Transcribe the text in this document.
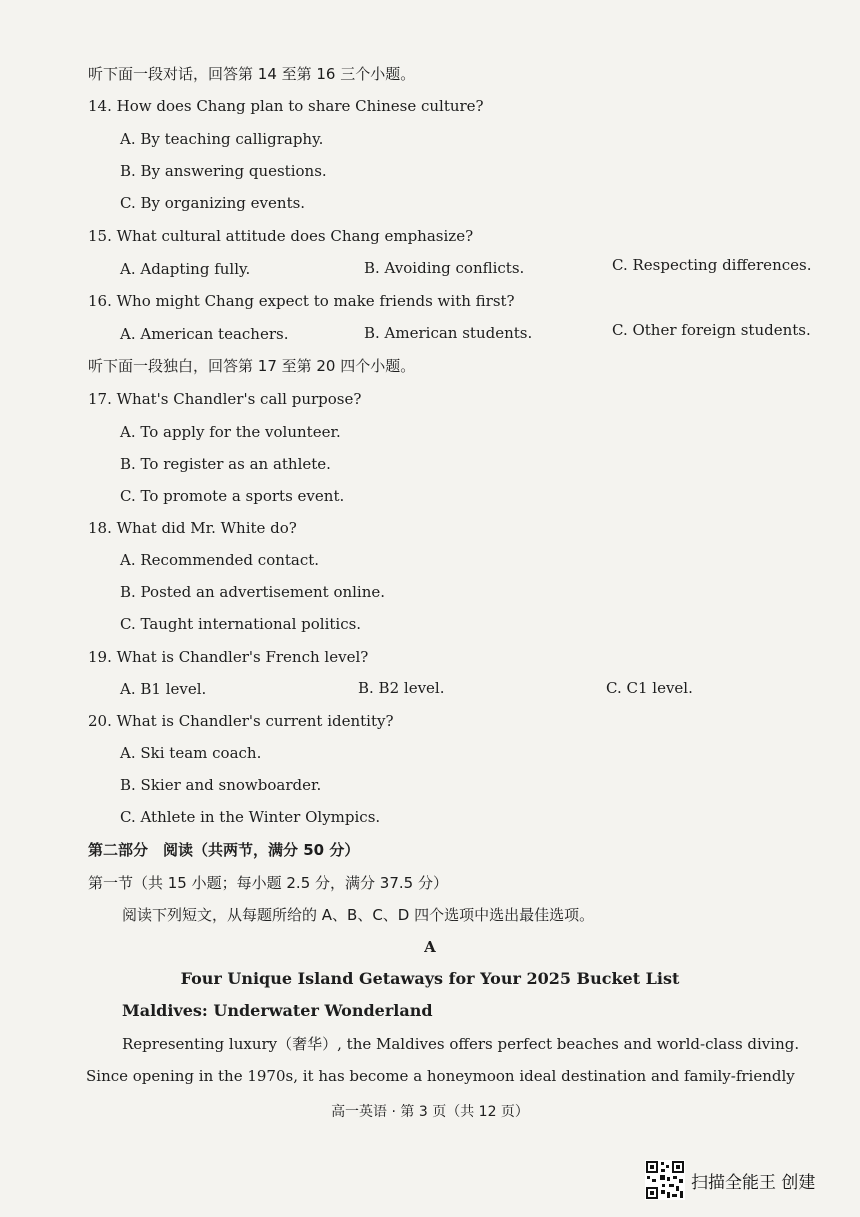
听下面一段对话，回答第 14 至第 16 三个小题。
14. How does Chang plan to share Chinese culture?
A. By teaching calligraphy.
B. By answering questions.
C. By organizing events.
15. What cultural attitude does Chang emphasize?
A. Adapting fully.	B. Avoiding conflicts.	C. Respecting differences.
16. Who might Chang expect to make friends with first?
A. American teachers.	B. American students.	C. Other foreign students.
听下面一段独白，回答第 17 至第 20 四个小题。
17. What's Chandler's call purpose?
A. To apply for the volunteer.
B. To register as an athlete.
C. To promote a sports event.
18. What did Mr. White do?
A. Recommended contact.
B. Posted an advertisement online.
C. Taught international politics.
19. What is Chandler's French level?
A. B1 level.	B. B2 level.	C. C1 level.
20. What is Chandler's current identity?
A. Ski team coach.
B. Skier and snowboarder.
C. Athlete in the Winter Olympics.
第二部分　阅读（共两节，满分 50 分）
第一节（共 15 小题；每小题 2.5 分，满分 37.5 分）
阅读下列短文，从每题所给的 A、B、C、D 四个选项中选出最佳选项。
A
Four Unique Island Getaways for Your 2025 Bucket List
Maldives: Underwater Wonderland
Representing luxury（奢华）, the Maldives offers perfect beaches and world-class diving.
Since opening in the 1970s, it has become a honeymoon ideal destination and family-friendly
高一英语 · 第 3 页（共 12 页）
扫描全能王 创建
